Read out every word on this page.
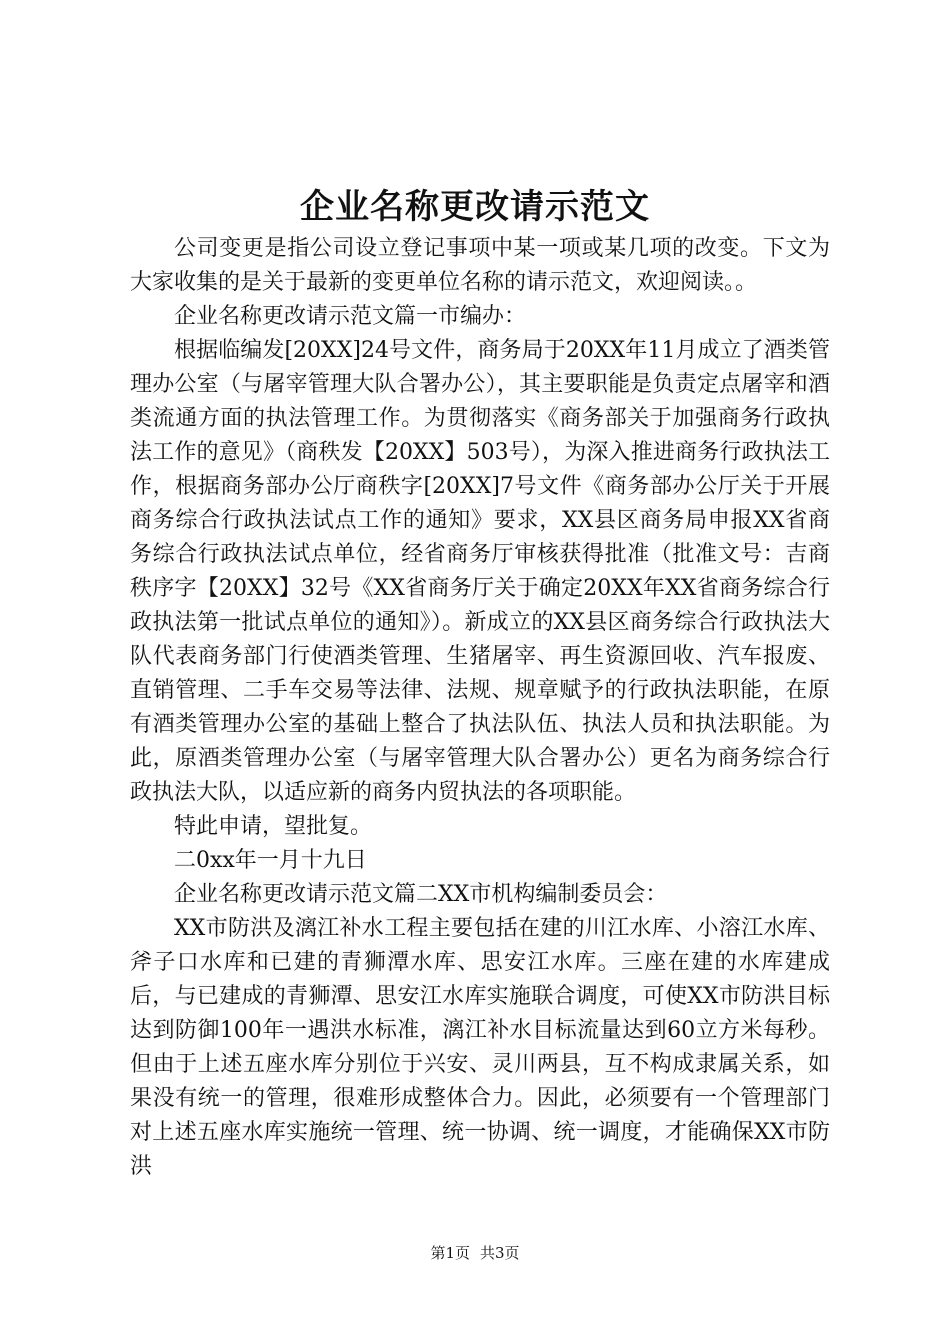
企业名称更改请示范文

公司变更是指公司设立登记事项中某一项或某几项的改变。下文为大家收集的是关于最新的变更单位名称的请示范文，欢迎阅读。。

企业名称更改请示范文篇一市编办：

根据临编发[20XX]24号文件，商务局于20XX年11月成立了酒类管理办公室（与屠宰管理大队合署办公），其主要职能是负责定点屠宰和酒类流通方面的执法管理工作。为贯彻落实《商务部关于加强商务行政执法工作的意见》（商秩发【20XX】503号），为深入推进商务行政执法工作，根据商务部办公厅商秩字[20XX]7号文件《商务部办公厅关于开展商务综合行政执法试点工作的通知》要求，XX县区商务局申报XX省商务综合行政执法试点单位，经省商务厅审核获得批准（批准文号：吉商秩序字【20XX】32号《XX省商务厅关于确定20XX年XX省商务综合行政执法第一批试点单位的通知》）。新成立的XX县区商务综合行政执法大队代表商务部门行使酒类管理、生猪屠宰、再生资源回收、汽车报废、直销管理、二手车交易等法律、法规、规章赋予的行政执法职能，在原有酒类管理办公室的基础上整合了执法队伍、执法人员和执法职能。为此，原酒类管理办公室（与屠宰管理大队合署办公）更名为商务综合行政执法大队，以适应新的商务内贸执法的各项职能。

特此申请，望批复。

二0xx年一月十九日

企业名称更改请示范文篇二XX市机构编制委员会：

XX市防洪及漓江补水工程主要包括在建的川江水库、小溶江水库、斧子口水库和已建的青狮潭水库、思安江水库。三座在建的水库建成后，与已建成的青狮潭、思安江水库实施联合调度，可使XX市防洪目标达到防御100年一遇洪水标准，漓江补水目标流量达到60立方米每秒。但由于上述五座水库分别位于兴安、灵川两县，互不构成隶属关系，如果没有统一的管理，很难形成整体合力。因此，必须要有一个管理部门对上述五座水库实施统一管理、统一协调、统一调度，才能确保XX市防洪

第1页 共3页
